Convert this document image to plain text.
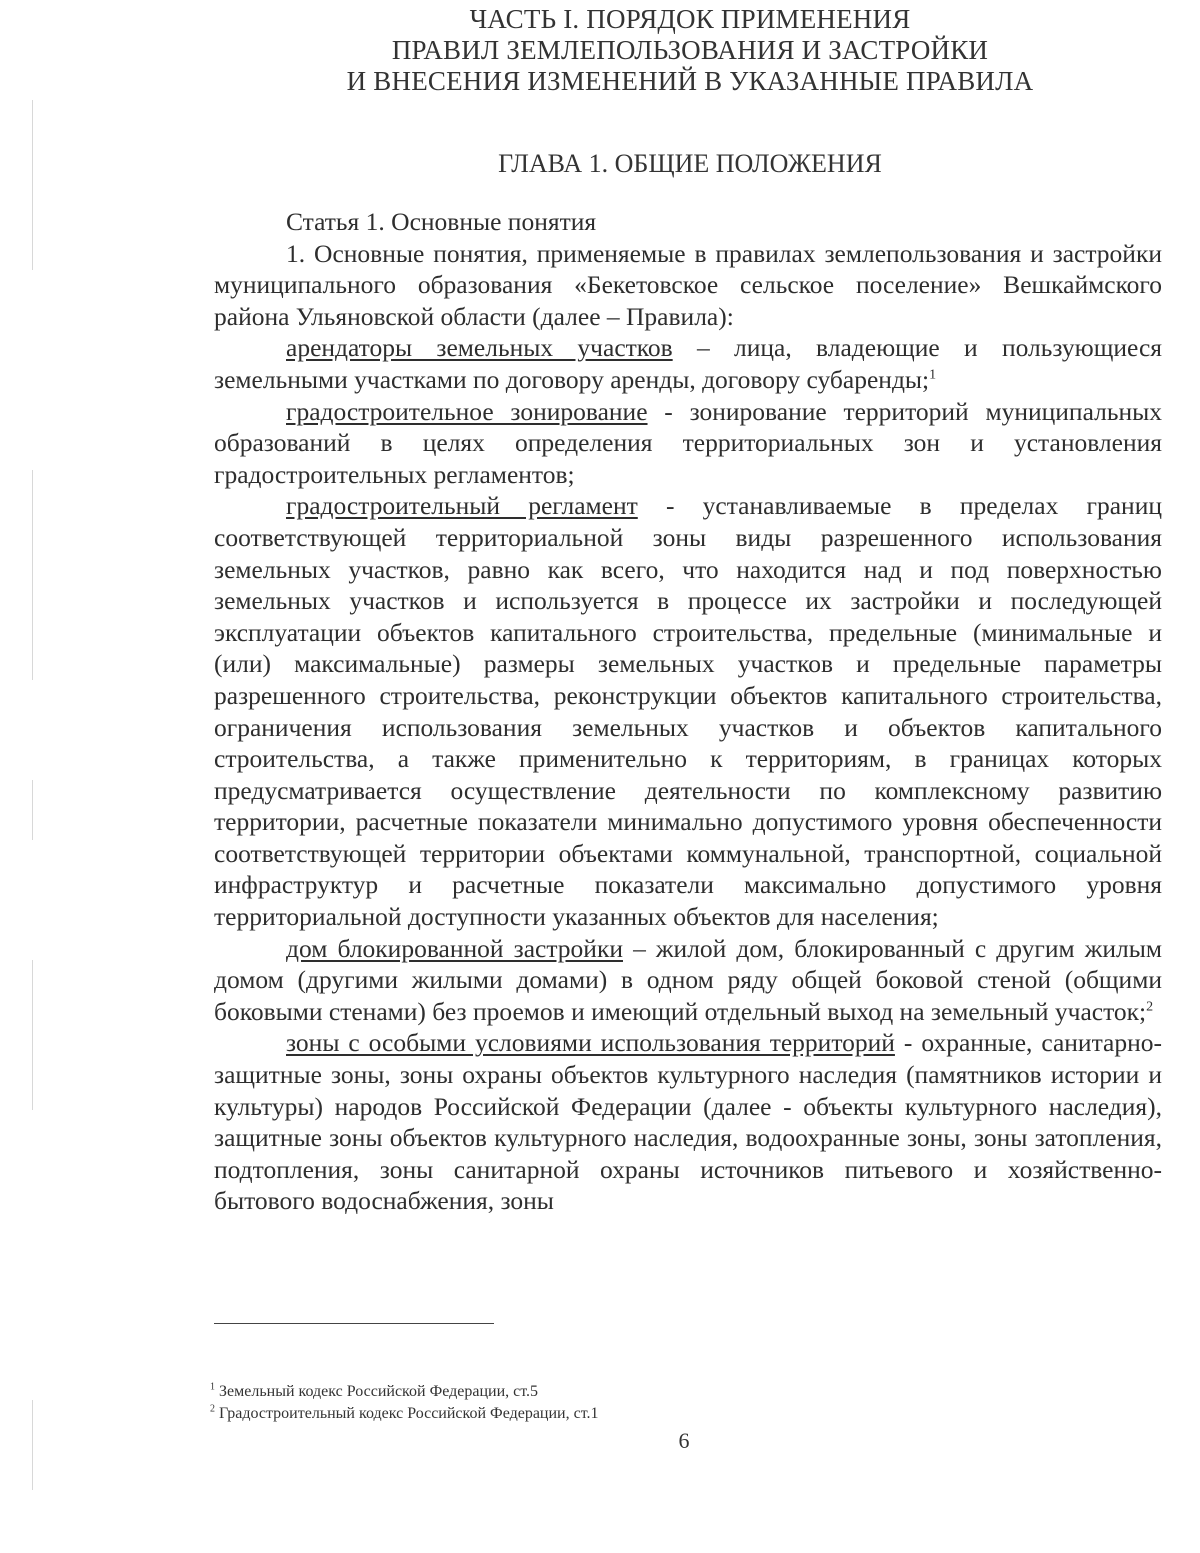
ЧАСТЬ I. ПОРЯДОК ПРИМЕНЕНИЯ
ПРАВИЛ ЗЕМЛЕПОЛЬЗОВАНИЯ И ЗАСТРОЙКИ
И ВНЕСЕНИЯ ИЗМЕНЕНИЙ В УКАЗАННЫЕ ПРАВИЛА
ГЛАВА 1. ОБЩИЕ ПОЛОЖЕНИЯ

Статья 1. Основные понятия

1. Основные понятия, применяемые в правилах землепользования и застройки муниципального образования «Бекетовское сельское поселение» Вешкаймского района Ульяновской области (далее – Правила):

арендаторы земельных участков – лица, владеющие и пользующиеся земельными участками по договору аренды, договору субаренды;$^1$

градостроительное зонирование - зонирование территорий муниципальных образований в целях определения территориальных зон и установления градостроительных регламентов;

градостроительный регламент - устанавливаемые в пределах границ соответствующей территориальной зоны виды разрешенного использования земельных участков, равно как всего, что находится над и под поверхностью земельных участков и используется в процессе их застройки и последующей эксплуатации объектов капитального строительства, предельные (минимальные и (или) максимальные) размеры земельных участков и предельные параметры разрешенного строительства, реконструкции объектов капитального строительства, ограничения использования земельных участков и объектов капитального строительства, а также применительно к территориям, в границах которых предусматривается осуществление деятельности по комплексному развитию территории, расчетные показатели минимально допустимого уровня обеспеченности соответствующей территории объектами коммунальной, транспортной, социальной инфраструктур и расчетные показатели максимально допустимого уровня территориальной доступности указанных объектов для населения;

дом блокированной застройки – жилой дом, блокированный с другим жилым домом (другими жилыми домами) в одном ряду общей боковой стеной (общими боковыми стенами) без проемов и имеющий отдельный выход на земельный участок;$^2$

зоны с особыми условиями использования территорий - охранные, санитарно-защитные зоны, зоны охраны объектов культурного наследия (памятников истории и культуры) народов Российской Федерации (далее - объекты культурного наследия), защитные зоны объектов культурного наследия, водоохранные зоны, зоны затопления, подтопления, зоны санитарной охраны источников питьевого и хозяйственно-бытового водоснабжения, зоны

$^1$ Земельный кодекс Российской Федерации, ст.5
$^2$ Градостроительный кодекс Российской Федерации, ст.1
6
